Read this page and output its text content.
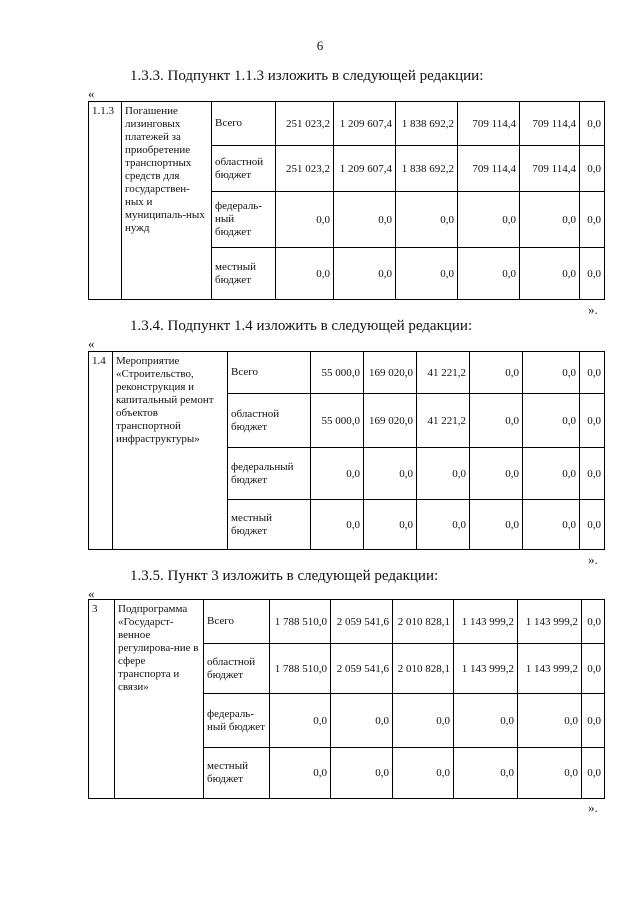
6
1.3.3. Подпункт 1.1.3 изложить в следующей редакции:
«
1.1.3	Погашение лизинговых платежей за приобретение транспортных средств для государствен-ных и муниципаль-ных нужд	Всего	251 023,2	1 209 607,4	1 838 692,2	709 114,4	709 114,4	0,0
		областной бюджет	251 023,2	1 209 607,4	1 838 692,2	709 114,4	709 114,4	0,0
		федераль-ный бюджет	0,0	0,0	0,0	0,0	0,0	0,0
		местный бюджет	0,0	0,0	0,0	0,0	0,0	0,0
».
1.3.4. Подпункт 1.4 изложить в следующей редакции:
«
1.4	Мероприятие «Строительство, реконструкция и капитальный ремонт объектов транспортной инфраструктуры»	Всего	55 000,0	169 020,0	41 221,2	0,0	0,0	0,0
		областной бюджет	55 000,0	169 020,0	41 221,2	0,0	0,0	0,0
		федеральный бюджет	0,0	0,0	0,0	0,0	0,0	0,0
		местный бюджет	0,0	0,0	0,0	0,0	0,0	0,0
».
1.3.5. Пункт 3 изложить в следующей редакции:
«
3	Подпрограмма «Государст-венное регулирова-ние в сфере транспорта и связи»	Всего	1 788 510,0	2 059 541,6	2 010 828,1	1 143 999,2	1 143 999,2	0,0
		областной бюджет	1 788 510,0	2 059 541,6	2 010 828,1	1 143 999,2	1 143 999,2	0,0
		федераль-ный бюджет	0,0	0,0	0,0	0,0	0,0	0,0
		местный бюджет	0,0	0,0	0,0	0,0	0,0	0,0
».
